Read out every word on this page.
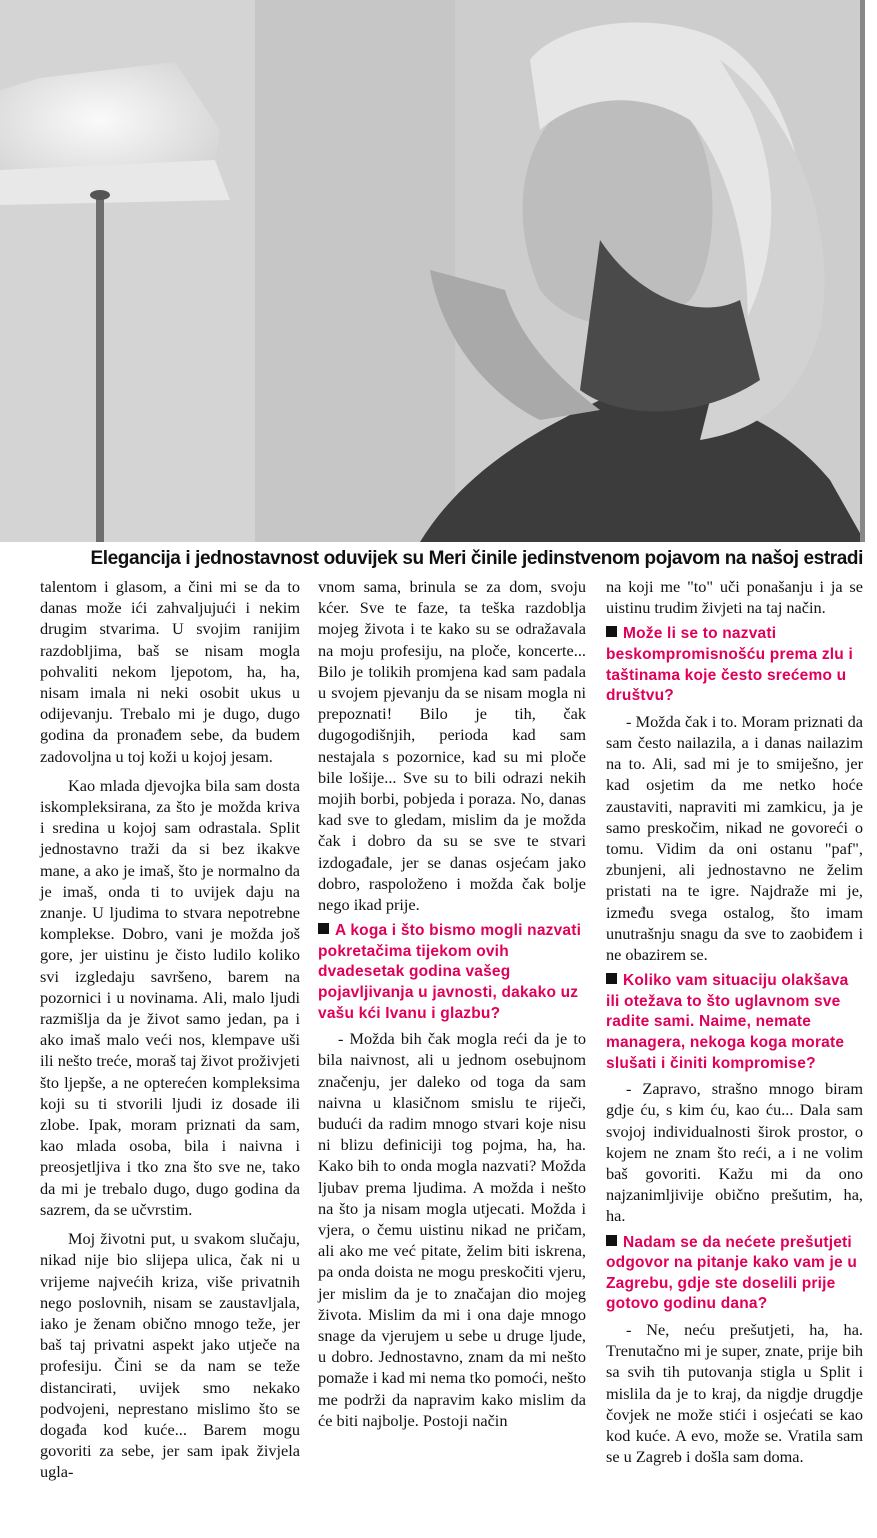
Elegancija i jednostavnost oduvijek su Meri činile jedinstvenom pojavom na našoj estradi

talentom i glasom, a čini mi se da to danas može ići zahvaljujući i nekim drugim stvarima. U svojim ranijim razdobljima, baš se nisam mogla pohvaliti nekom ljepotom, ha, ha, nisam imala ni neki osobit ukus u odijevanju. Trebalo mi je dugo, dugo godina da pronađem sebe, da budem zadovoljna u toj koži u kojoj jesam.

Kao mlada djevojka bila sam dosta iskompleksirana, za što je možda kriva i sredina u kojoj sam odrastala. Split jednostavno traži da si bez ikakve mane, a ako je imaš, što je normalno da je imaš, onda ti to uvijek daju na znanje. U ljudima to stvara nepotrebne komplekse. Dobro, vani je možda još gore, jer uistinu je čisto ludilo koliko svi izgledaju savršeno, barem na pozornici i u novinama. Ali, malo ljudi razmišlja da je život samo jedan, pa i ako imaš malo veći nos, klempave uši ili nešto treće, moraš taj život proživjeti što ljepše, a ne opterećen kompleksima koji su ti stvorili ljudi iz dosade ili zlobe. Ipak, moram priznati da sam, kao mlada osoba, bila i naivna i preosjetljiva i tko zna što sve ne, tako da mi je trebalo dugo, dugo godina da sazrem, da se učvrstim.

Moj životni put, u svakom slučaju, nikad nije bio slijepa ulica, čak ni u vrijeme najvećih kriza, više privatnih nego poslovnih, nisam se zaustavljala, iako je ženam obično mnogo teže, jer baš taj privatni aspekt jako utječe na profesiju. Čini se da nam se teže distancirati, uvijek smo nekako podvojeni, neprestano mislimo što se događa kod kuće... Barem mogu govoriti za sebe, jer sam ipak živjela ugla-

vnom sama, brinula se za dom, svoju kćer. Sve te faze, ta teška razdoblja mojeg života i te kako su se odražavala na moju profesiju, na ploče, koncerte... Bilo je tolikih promjena kad sam padala u svojem pjevanju da se nisam mogla ni prepoznati! Bilo je tih, čak dugogodišnjih, perioda kad sam nestajala s pozornice, kad su mi ploče bile lošije... Sve su to bili odrazi nekih mojih borbi, pobjeda i poraza. No, danas kad sve to gledam, mislim da je možda čak i dobro da su se sve te stvari izdogađale, jer se danas osjećam jako dobro, raspoloženo i možda čak bolje nego ikad prije.

A koga i što bismo mogli nazvati pokretačima tijekom ovih dvadesetak godina vašeg pojavljivanja u javnosti, dakako uz vašu kći Ivanu i glazbu?

- Možda bih čak mogla reći da je to bila naivnost, ali u jednom osebujnom značenju, jer daleko od toga da sam naivna u klasičnom smislu te riječi, budući da radim mnogo stvari koje nisu ni blizu definiciji tog pojma, ha, ha. Kako bih to onda mogla nazvati? Možda ljubav prema ljudima. A možda i nešto na što ja nisam mogla utjecati. Možda i vjera, o čemu uistinu nikad ne pričam, ali ako me već pitate, želim biti iskrena, pa onda doista ne mogu preskočiti vjeru, jer mislim da je to značajan dio mojeg života. Mislim da mi i ona daje mnogo snage da vjerujem u sebe u druge ljude, u dobro. Jednostavno, znam da mi nešto pomaže i kad mi nema tko pomoći, nešto me podrži da napravim kako mislim da će biti najbolje. Postoji način

na koji me "to" uči ponašanju i ja se uistinu trudim živjeti na taj način.

Može li se to nazvati beskompromisnošću prema zlu i taštinama koje često srećemo u društvu?

- Možda čak i to. Moram priznati da sam često nailazila, a i danas nailazim na to. Ali, sad mi je to smiješno, jer kad osjetim da me netko hoće zaustaviti, napraviti mi zamkicu, ja je samo preskočim, nikad ne govoreći o tomu. Vidim da oni ostanu "paf", zbunjeni, ali jednostavno ne želim pristati na te igre. Najdraže mi je, između svega ostalog, što imam unutrašnju snagu da sve to zaobiđem i ne obazirem se.

Koliko vam situaciju olakšava ili otežava to što uglavnom sve radite sami. Naime, nemate managera, nekoga koga morate slušati i činiti kompromise?

- Zapravo, strašno mnogo biram gdje ću, s kim ću, kao ću... Dala sam svojoj individualnosti širok prostor, o kojem ne znam što reći, a i ne volim baš govoriti. Kažu mi da ono najzanimljivije obično prešutim, ha, ha.

Nadam se da nećete prešutjeti odgovor na pitanje kako vam je u Zagrebu, gdje ste doselili prije gotovo godinu dana?

- Ne, neću prešutjeti, ha, ha. Trenutačno mi je super, znate, prije bih sa svih tih putovanja stigla u Split i mislila da je to kraj, da nigdje drugdje čovjek ne može stići i osjećati se kao kod kuće. A evo, može se. Vratila sam se u Zagreb i došla sam doma.
